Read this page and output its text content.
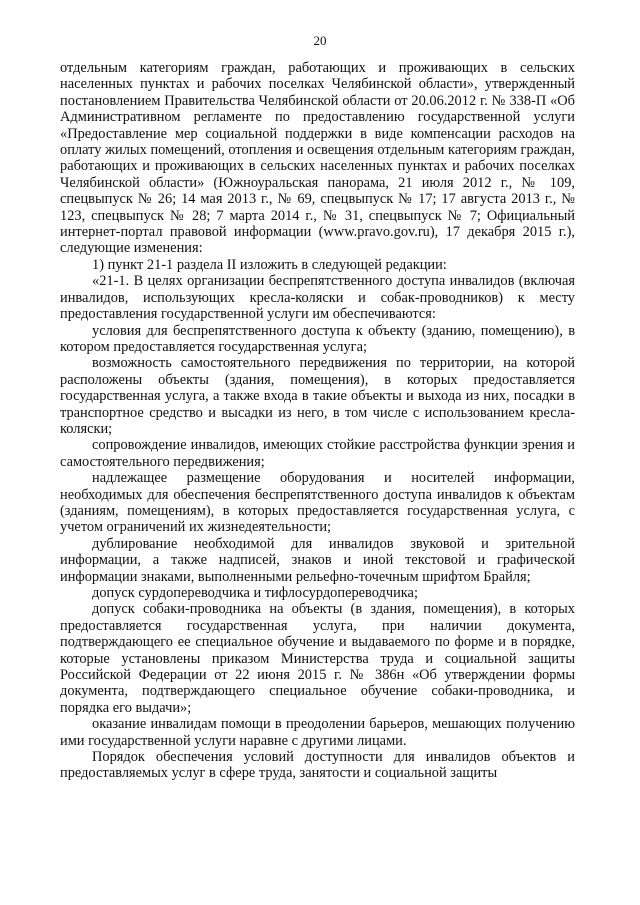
20

отдельным категориям граждан, работающих и проживающих в сельских населенных пунктах и рабочих поселках Челябинской области», утвержденный постановлением Правительства Челябинской области от 20.06.2012 г. № 338-П «Об Административном регламенте по предоставлению государственной услуги «Предоставление мер социальной поддержки в виде компенсации расходов на оплату жилых помещений, отопления и освещения отдельным категориям граждан, работающих и проживающих в сельских населенных пунктах и рабочих поселках Челябинской области» (Южноуральская панорама, 21 июля 2012 г., № 109, спецвыпуск № 26; 14 мая 2013 г., № 69, спецвыпуск № 17; 17 августа 2013 г., № 123, спецвыпуск № 28; 7 марта 2014 г., № 31, спецвыпуск № 7; Официальный интернет-портал правовой информации (www.pravo.gov.ru), 17 декабря 2015 г.), следующие изменения:

1) пункт 21-1 раздела II изложить в следующей редакции:

«21-1. В целях организации беспрепятственного доступа инвалидов (включая инвалидов, использующих кресла-коляски и собак-проводников) к месту предоставления государственной услуги им обеспечиваются:

условия для беспрепятственного доступа к объекту (зданию, помещению), в котором предоставляется государственная услуга;

возможность самостоятельного передвижения по территории, на которой расположены объекты (здания, помещения), в которых предоставляется государственная услуга, а также входа в такие объекты и выхода из них, посадки в транспортное средство и высадки из него, в том числе с использованием кресла-коляски;

сопровождение инвалидов, имеющих стойкие расстройства функции зрения и самостоятельного передвижения;

надлежащее размещение оборудования и носителей информации, необходимых для обеспечения беспрепятственного доступа инвалидов к объектам (зданиям, помещениям), в которых предоставляется государственная услуга, с учетом ограничений их жизнедеятельности;

дублирование необходимой для инвалидов звуковой и зрительной информации, а также надписей, знаков и иной текстовой и графической информации знаками, выполненными рельефно-точечным шрифтом Брайля;

допуск сурдопереводчика и тифлосурдопереводчика;

допуск собаки-проводника на объекты (в здания, помещения), в которых предоставляется государственная услуга, при наличии документа, подтверждающего ее специальное обучение и выдаваемого по форме и в порядке, которые установлены приказом Министерства труда и социальной защиты Российской Федерации от 22 июня 2015 г. № 386н «Об утверждении формы документа, подтверждающего специальное обучение собаки-проводника, и порядка его выдачи»;

оказание инвалидам помощи в преодолении барьеров, мешающих получению ими государственной услуги наравне с другими лицами.

Порядок обеспечения условий доступности для инвалидов объектов и предоставляемых услуг в сфере труда, занятости и социальной защиты
